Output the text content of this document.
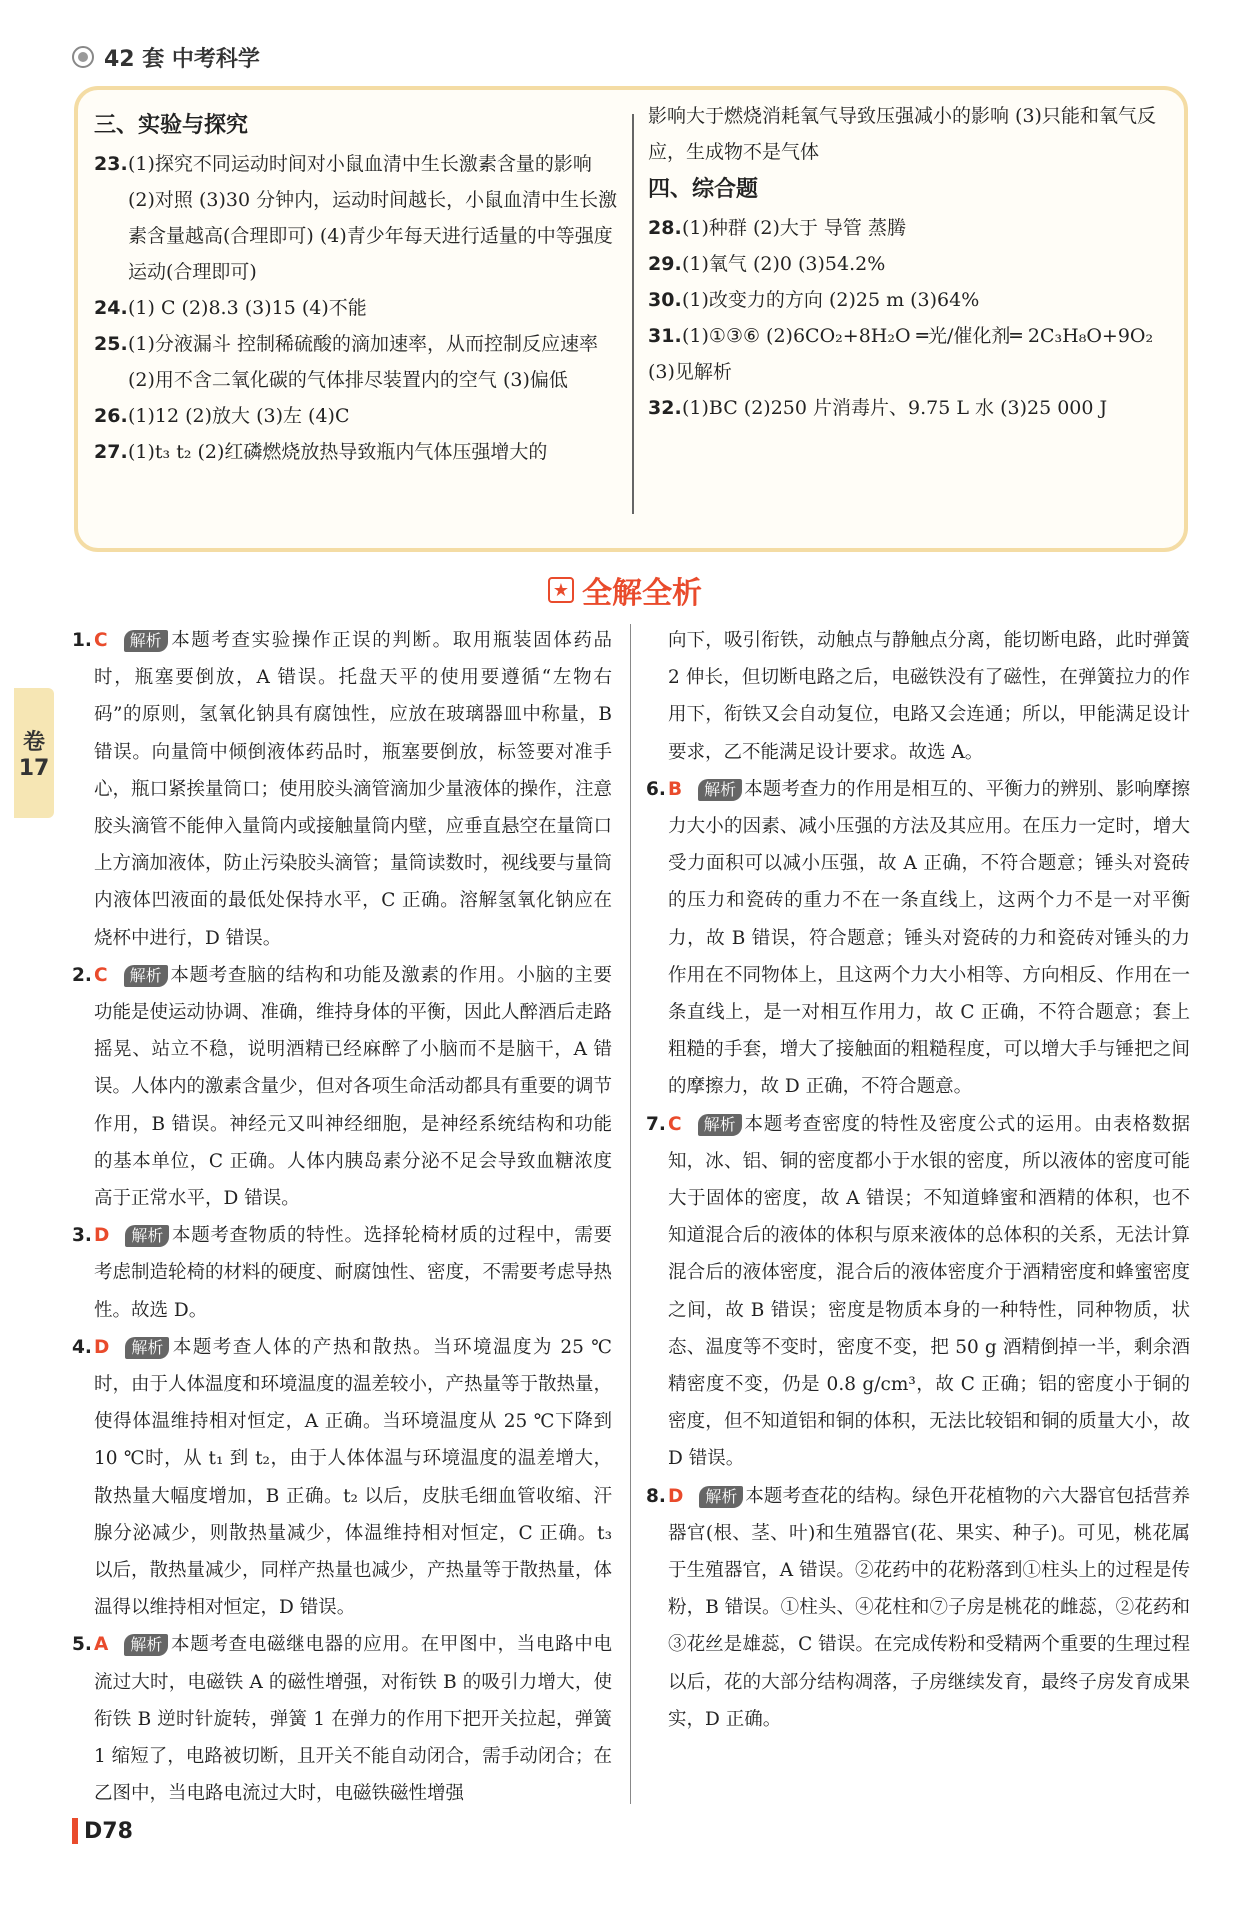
42 套 中考科学
三、实验与探究
23.(1)探究不同运动时间对小鼠血清中生长激素含量的影响 (2)对照 (3)30 分钟内，运动时间越长，小鼠血清中生长激素含量越高(合理即可) (4)青少年每天进行适量的中等强度运动(合理即可)
24.(1) C (2)8.3 (3)15 (4)不能
25.(1)分液漏斗 控制稀硫酸的滴加速率，从而控制反应速率 (2)用不含二氧化碳的气体排尽装置内的空气 (3)偏低
26.(1)12 (2)放大 (3)左 (4)C
27.(1)t₃ t₂ (2)红磷燃烧放热导致瓶内气体压强增大的
影响大于燃烧消耗氧气导致压强减小的影响 (3)只能和氧气反应，生成物不是气体
四、综合题
28.(1)种群 (2)大于 导管 蒸腾
29.(1)氧气 (2)0 (3)54.2%
30.(1)改变力的方向 (2)25 m (3)64%
31.(1)①③⑥ (2)6CO₂+8H₂O ═光/催化剂═ 2C₃H₈O+9O₂
(3)见解析
32.(1)BC (2)250 片消毒片、9.75 L 水 (3)25 000 J
★ 全解全析
卷
17
1. C 解析 本题考查实验操作正误的判断。取用瓶装固体药品时，瓶塞要倒放，A 错误。托盘天平的使用要遵循“左物右码”的原则，氢氧化钠具有腐蚀性，应放在玻璃器皿中称量，B 错误。向量筒中倾倒液体药品时，瓶塞要倒放，标签要对准手心，瓶口紧挨量筒口；使用胶头滴管滴加少量液体的操作，注意胶头滴管不能伸入量筒内或接触量筒内壁，应垂直悬空在量筒口上方滴加液体，防止污染胶头滴管；量筒读数时，视线要与量筒内液体凹液面的最低处保持水平，C 正确。溶解氢氧化钠应在烧杯中进行，D 错误。
2. C 解析 本题考查脑的结构和功能及激素的作用。小脑的主要功能是使运动协调、准确，维持身体的平衡，因此人醉酒后走路摇晃、站立不稳，说明酒精已经麻醉了小脑而不是脑干，A 错误。人体内的激素含量少，但对各项生命活动都具有重要的调节作用，B 错误。神经元又叫神经细胞，是神经系统结构和功能的基本单位，C 正确。人体内胰岛素分泌不足会导致血糖浓度高于正常水平，D 错误。
3. D 解析 本题考查物质的特性。选择轮椅材质的过程中，需要考虑制造轮椅的材料的硬度、耐腐蚀性、密度，不需要考虑导热性。故选 D。
4. D 解析 本题考查人体的产热和散热。当环境温度为 25 ℃时，由于人体温度和环境温度的温差较小，产热量等于散热量，使得体温维持相对恒定，A 正确。当环境温度从 25 ℃下降到 10 ℃时，从 t₁ 到 t₂，由于人体体温与环境温度的温差增大，散热量大幅度增加，B 正确。t₂ 以后，皮肤毛细血管收缩、汗腺分泌减少，则散热量减少，体温维持相对恒定，C 正确。t₃ 以后，散热量减少，同样产热量也减少，产热量等于散热量，体温得以维持相对恒定，D 错误。
5. A 解析 本题考查电磁继电器的应用。在甲图中，当电路中电流过大时，电磁铁 A 的磁性增强，对衔铁 B 的吸引力增大，使衔铁 B 逆时针旋转，弹簧 1 在弹力的作用下把开关拉起，弹簧 1 缩短了，电路被切断，且开关不能自动闭合，需手动闭合；在乙图中，当电路电流过大时，电磁铁磁性增强
向下，吸引衔铁，动触点与静触点分离，能切断电路，此时弹簧 2 伸长，但切断电路之后，电磁铁没有了磁性，在弹簧拉力的作用下，衔铁又会自动复位，电路又会连通；所以，甲能满足设计要求，乙不能满足设计要求。故选 A。
6. B 解析 本题考查力的作用是相互的、平衡力的辨别、影响摩擦力大小的因素、减小压强的方法及其应用。在压力一定时，增大受力面积可以减小压强，故 A 正确，不符合题意；锤头对瓷砖的压力和瓷砖的重力不在一条直线上，这两个力不是一对平衡力，故 B 错误，符合题意；锤头对瓷砖的力和瓷砖对锤头的力作用在不同物体上，且这两个力大小相等、方向相反、作用在一条直线上，是一对相互作用力，故 C 正确，不符合题意；套上粗糙的手套，增大了接触面的粗糙程度，可以增大手与锤把之间的摩擦力，故 D 正确，不符合题意。
7. C 解析 本题考查密度的特性及密度公式的运用。由表格数据知，冰、铝、铜的密度都小于水银的密度，所以液体的密度可能大于固体的密度，故 A 错误；不知道蜂蜜和酒精的体积，也不知道混合后的液体的体积与原来液体的总体积的关系，无法计算混合后的液体密度，混合后的液体密度介于酒精密度和蜂蜜密度之间，故 B 错误；密度是物质本身的一种特性，同种物质，状态、温度等不变时，密度不变，把 50 g 酒精倒掉一半，剩余酒精密度不变，仍是 0.8 g/cm³，故 C 正确；铝的密度小于铜的密度，但不知道铝和铜的体积，无法比较铝和铜的质量大小，故 D 错误。
8. D 解析 本题考查花的结构。绿色开花植物的六大器官包括营养器官(根、茎、叶)和生殖器官(花、果实、种子)。可见，桃花属于生殖器官，A 错误。②花药中的花粉落到①柱头上的过程是传粉，B 错误。①柱头、④花柱和⑦子房是桃花的雌蕊，②花药和③花丝是雄蕊，C 错误。在完成传粉和受精两个重要的生理过程以后，花的大部分结构凋落，子房继续发育，最终子房发育成果实，D 正确。
D78
